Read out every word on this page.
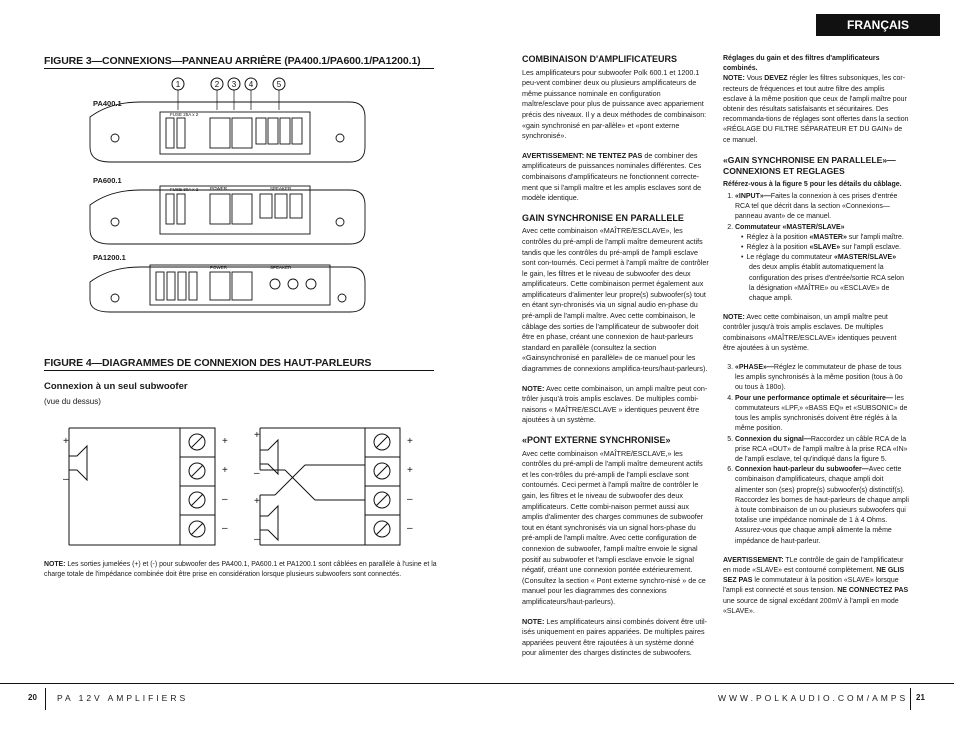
FRANÇAIS
FIGURE 3—CONNEXIONS—PANNEAU ARRIÈRE (PA400.1/PA600.1/PA1200.1)
1	2 3 4	5
FUSE 25A x 2
FUSE 30A x 2	POWER	SPEAKER
POWER	SPEAKER
PA400.1
PA600.1
PA1200.1
FIGURE 4—DIAGRAMMES DE CONNEXION DES HAUT-PARLEURS
Connexion à un seul subwoofer
(vue du dessus)
+
–
+
+
–
–
+
–
+
–
+
+
–
–
NOTE: Les sorties jumelées (+) et (-) pour subwoofer des PA400.1, PA600.1 et PA1200.1 sont câblées en parallèle à l'usine et la charge totale de l'impédance combinée doit être prise en considération lorsque plusieurs subwoofers sont connectés.
COMBINAISON D'AMPLIFICATEURS

Les amplificateurs pour subwoofer Polk 600.1 et 1200.1 peu-vent combiner deux ou plusieurs amplificateurs de même puissance nominale en configuration maître/esclave pour plus de puissance avec appariement précis des niveaux. Il y a deux méthodes de combinaison: «gain synchronisé en par-allèle» et «pont externe synchronisé».

AVERTISSEMENT: NE TENTEZ PAS de combiner des amplificateurs de puissances nominales différentes. Ces combinaisons d'amplificateurs ne fonctionnent correcte-ment que si l'ampli maître et les amplis esclaves sont de modèle identique.

GAIN SYNCHRONISE EN PARALLELE

Avec cette combinaison «MAÎTRE/ESCLAVE», les contrôles du pré-ampli de l'ampli maître demeurent actifs tandis que les contrôles du pré-ampli de l'ampli esclave sont con-tournés. Ceci permet à l'ampli maître de contrôler le gain, les filtres et le niveau de subwoofer des deux amplificateurs. Cette combinaison permet également aux amplificateurs d'alimenter leur propre(s) subwoofer(s) tout en étant syn-chronisés via un signal audio en-phase du pré-ampli de l'ampli maître. Avec cette combinaison, le câblage des sorties de l'amplificateur de subwoofer doit être en phase, créant une connexion de haut-parleurs standard en parallèle (consultez la section «Gainsynchronisé en parallèle» de ce manuel pour les diagrammes de connexions amplifica-teurs/haut-parleurs).

NOTE: Avec cette combinaison, un ampli maître peut con-trôler jusqu'à trois amplis esclaves. De multiples combi-naisons « MAÎTRE/ESCLAVE » identiques peuvent être ajoutées à un système.

«PONT EXTERNE SYNCHRONISE»

Avec cette combinaison «MAÎTRE/ESCLAVE,» les contrôles du pré-ampli de l'ampli maître demeurent actifs et les con-trôles du pré-ampli de l'ampli esclave sont contournés. Ceci permet à l'ampli maître de contrôler le gain, les filtres et le niveau de subwoofer des deux amplificateurs. Cette combi-naison permet aussi aux amplis d'alimenter des charges communes de subwoofer tout en étant synchronisés via un signal hors-phase du pré-ampli de l'ampli maître. Avec cette configuration de connexion de subwoofer, l'ampli maître envoie le signal positif au subwoofer et l'ampli esclave envoie le signal négatif, créant une connexion pontée extérieurement. (Consultez la section « Pont externe synchro-nisé » de ce manuel pour les diagrammes des connexions amplificateurs/haut-parleurs).

NOTE: Les amplificateurs ainsi combinés doivent être util-isés uniquement en paires appariées. De multiples paires appariées peuvent être rajoutées à un système donné pour alimenter des charges distinctes de subwoofers.

Réglages du gain et des filtres d'amplificateurs combinés.

NOTE: Vous DEVEZ régler les filtres subsoniques, les cor-recteurs de fréquences et tout autre filtre des amplis esclave à la même position que ceux de l'ampli maître pour obtenir des résultats satisfaisants et sécuritaires. Des recommanda-tions de réglages sont offertes dans la section «RÉGLAGE DU FILTRE SÉPARATEUR ET DU GAIN» de ce manuel.

«GAIN SYNCHRONISE EN PARALLELE»— CONNEXIONS ET REGLAGES

Référez-vous à la figure 5 pour les détails du câblage.

1. «INPUT»—Faites la connexion à ces prises d'entrée RCA tel que décrit dans la section «Connexions— panneau avant» de ce manuel.
2. Commutateur «MASTER/SLAVE»
• Réglez à la position «MASTER» sur l'ampli maître.
• Réglez à la position «SLAVE» sur l'ampli esclave.
• Le réglage du commutateur «MASTER/SLAVE» des deux amplis établit automatiquement la configuration des prises d'entrée/sortie RCA selon la désignation «MAÎTRE» ou «ESCLAVE» de chaque ampli.

NOTE: Avec cette combinaison, un ampli maître peut contrôler jusqu'à trois amplis esclaves. De multiples combinaisons «MAÎTRE/ESCLAVE» identiques peuvent être ajoutées à un système.

3. «PHASE»—Réglez le commutateur de phase de tous les amplis synchronisés à la même position (tous à 0o ou tous à 180o).
4. Pour une performance optimale et sécuritaire— les commutateurs «LPF,» «BASS EQ» et «SUBSONIC» de tous les amplis synchronisés doivent être réglés à la même position.
5. Connexion du signal—Raccordez un câble RCA de la prise RCA «OUT» de l'ampli maître à la prise RCA «IN» de l'ampli esclave, tel qu'indiqué dans la figure 5.
6. Connexion haut-parleur du subwoofer—Avec cette combinaison d'amplificateurs, chaque ampli doit alimenter son (ses) propre(s) subwoofer(s) distinctif(s). Raccordez les bornes de haut-parleurs de chaque ampli à toute combinaison de un ou plusieurs subwoofers qui totalise une impédance nominale de 1 à 4 Ohms. Assurez-vous que chaque ampli alimente la même impédance de haut-parleur.

AVERTISSEMENT: TLe contrôle de gain de l'amplificateur en mode «SLAVE» est contourné complètement. NE GLIS SEZ PAS le commutateur à la position «SLAVE» lorsque l'ampli est connecté et sous tension. NE CONNECTEZ PAS une source de signal excédant 200mV à l'ampli en mode «SLAVE».

20 PA 12V AMPLIFIERS	WWW.POLKAUDIO.COM/AMPS 21
